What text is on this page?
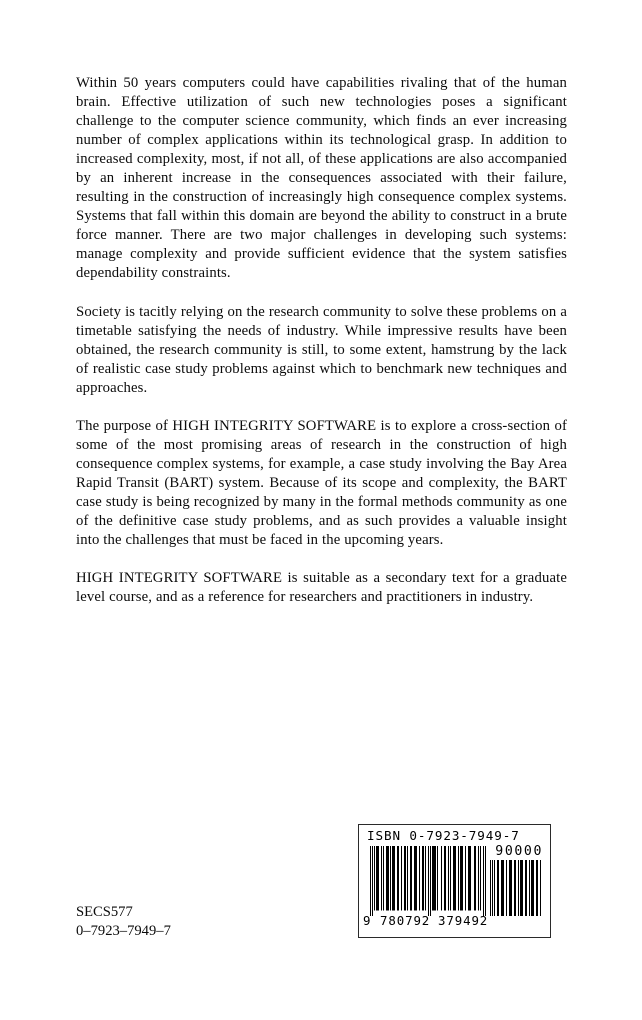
Within 50 years computers could have capabilities rivaling that of the human brain. Effective utilization of such new technologies poses a significant challenge to the computer science community, which finds an ever increasing number of complex applications within its technological grasp. In addition to increased complexity, most, if not all, of these applications are also accompanied by an inherent increase in the consequences associated with their failure, resulting in the construction of increasingly high consequence complex systems. Systems that fall within this domain are beyond the ability to construct in a brute force manner. There are two major challenges in developing such systems: manage complexity and provide sufficient evidence that the system satisfies dependability constraints.

Society is tacitly relying on the research community to solve these problems on a timetable satisfying the needs of industry. While impressive results have been obtained, the research community is still, to some extent, hamstrung by the lack of realistic case study problems against which to benchmark new techniques and approaches.

The purpose of HIGH INTEGRITY SOFTWARE is to explore a cross-section of some of the most promising areas of research in the construction of high consequence complex systems, for example, a case study involving the Bay Area Rapid Transit (BART) system. Because of its scope and complexity, the BART case study is being recognized by many in the formal methods community as one of the definitive case study problems, and as such provides a valuable insight into the challenges that must be faced in the upcoming years.

HIGH INTEGRITY SOFTWARE is suitable as a secondary text for a graduate level course, and as a reference for researchers and practitioners in industry.

SECS577
0–7923–7949–7
ISBN 0-7923-7949-7
90000
9 780792 379492
